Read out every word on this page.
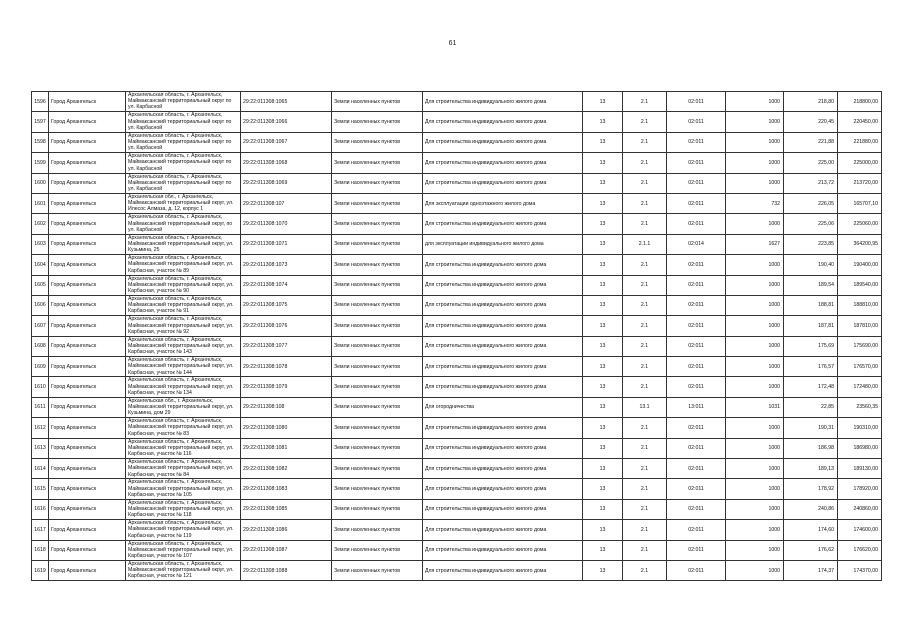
61
1596	Город Архангельск	Архангельская область, г. Архангельск, Маймаксанский территориальный округ по ул. Карбасной	29:22:011308:1065	Земли населенных пунктов	Для строительства индивидуального жилого дома	13	2.1	02:011	1000	218,80	218800,00
1597	Город Архангельск	Архангельская область, г. Архангельск, Маймаксанский территориальный округ по ул. Карбасной	29:22:011308:1066	Земли населенных пунктов	Для строительства индивидуального жилого дома	13	2.1	02:011	1000	220,45	220450,00
1598	Город Архангельск	Архангельская область, г. Архангельск, Маймаксанский территориальный округ по ул. Карбасной	29:22:011308:1067	Земли населенных пунктов	Для строительства индивидуального жилого дома	13	2.1	02:011	1000	221,88	221880,00
1599	Город Архангельск	Архангельская область, г. Архангельск, Маймаксанский территориальный округ по ул. Карбасной	29:22:011308:1068	Земли населенных пунктов	Для строительства индивидуального жилого дома	13	2.1	02:011	1000	225,00	225000,00
1600	Город Архангельск	Архангельская область, г. Архангельск, Маймаксанский территориальный округ по ул. Карбасной	29:22:011308:1069	Земли населенных пунктов	Для строительства индивидуального жилого дома	13	2.1	02:011	1000	213,72	213720,00
1601	Город Архангельск	Архангельская обл., г. Архангельск, Маймаксанский территориальный округ, ул. Илесос Алмаза, д. 12, корпус 1	29:22:011308:107	Земли населенных пунктов	Для эксплуатации одноэтажного жилого дома	13	2.1	02:011	732	226,05	165707,10
1602	Город Архангельск	Архангельская область, г. Архангельск, Маймаксанский территориальный округ, по ул. Карбасной	29:22:011308:1070	Земли населенных пунктов	Для строительства индивидуального жилого дома	13	2.1	02:011	1000	225,06	225060,00
1603	Город Архангельск	Архангельская область, г. Архангельск, Маймаксанский территориальный округ, ул. Кузьмина, 25	29:22:011308:1071	Земли населенных пунктов	для эксплуатации индивидуального жилого дома	13	2.1.1	02:014	1627	223,85	364200,95
1604	Город Архангельск	Архангельская область, г. Архангельск, Маймаксанский территориальный округ, ул. Карбасная, участок № 89	29:22:011308:1073	Земли населенных пунктов	Для строительства индивидуального жилого дома	13	2.1	02:011	1000	190,40	190400,00
1605	Город Архангельск	Архангельская область, г. Архангельск, Маймаксанский территориальный округ, ул. Карбасная, участок № 90	29:22:011308:1074	Земли населенных пунктов	Для строительства индивидуального жилого дома	13	2.1	02:011	1000	189,54	189540,00
1606	Город Архангельск	Архангельская область, г. Архангельск, Маймаксанский территориальный округ, ул. Карбасная, участок № 91	29:22:011308:1075	Земли населенных пунктов	Для строительства индивидуального жилого дома	13	2.1	02:011	1000	188,81	188810,00
1607	Город Архангельск	Архангельская область, г. Архангельск, Маймаксанский территориальный округ, ул. Карбасная, участок № 92	29:22:011308:1076	Земли населенных пунктов	Для строительства индивидуального жилого дома	13	2.1	02:011	1000	187,81	187810,00
1608	Город Архангельск	Архангельская область, г. Архангельск, Маймаксанский территориальный округ, ул. Карбасная, участок № 143	29:22:011308:1077	Земли населенных пунктов	Для строительства индивидуального жилого дома	13	2.1	02:011	1000	175,69	175690,00
1609	Город Архангельск	Архангельская область, г. Архангельск, Маймаксанский территориальный округ, ул. Карбасная, участок № 144	29:22:011308:1078	Земли населенных пунктов	Для строительства индивидуального жилого дома	13	2.1	02:011	1000	176,57	176570,00
1610	Город Архангельск	Архангельская область, г. Архангельск, Маймаксанский территориальный округ, ул. Карбасная, участок № 134	29:22:011308:1079	Земли населенных пунктов	Для строительства индивидуального жилого дома	13	2.1	02:011	1000	172,48	172480,00
1611	Город Архангельск	Архангельская обл., г. Архангельск, Маймаксанский территориальный округ, ул. Кузьмина, дом 29	29:22:011308:108	Земли населенных пунктов	Для огородничества	13	13.1	13:011	1031	22,85	23560,35
1612	Город Архангельск	Архангельская область, г. Архангельск, Маймаксанский территориальный округ, ул. Карбасная, участок № 83	29:22:011308:1080	Земли населенных пунктов	Для строительства индивидуального жилого дома	13	2.1	02:011	1000	190,31	190310,00
1613	Город Архангельск	Архангельская область, г. Архангельск, Маймаксанский территориальный округ, ул. Карбасная, участок № 116	29:22:011308:1081	Земли населенных пунктов	Для строительства индивидуального жилого дома	13	2.1	02:011	1000	186,98	186980,00
1614	Город Архангельск	Архангельская область, г. Архангельск, Маймаксанский территориальный округ, ул. Карбасная, участок № 84	29:22:011308:1082	Земли населенных пунктов	Для строительства индивидуального жилого дома	13	2.1	02:011	1000	189,13	189130,00
1615	Город Архангельск	Архангельская область, г. Архангельск, Маймаксанский территориальный округ, ул. Карбасная, участок № 105	29:22:011308:1083	Земли населенных пунктов	Для строительства индивидуального жилого дома	13	2.1	02:011	1000	178,92	178920,00
1616	Город Архангельск	Архангельская область, г. Архангельск, Маймаксанский территориальный округ, ул. Карбасная, участок № 118	29:22:011308:1085	Земли населенных пунктов	Для строительства индивидуального жилого дома	13	2.1	02:011	1000	240,86	240860,00
1617	Город Архангельск	Архангельская область, г. Архангельск, Маймаксанский территориальный округ, ул. Карбасная, участок № 119	29:22:011308:1086	Земли населенных пунктов	Для строительства индивидуального жилого дома	13	2.1	02:011	1000	174,60	174600,00
1618	Город Архангельск	Архангельская область, г. Архангельск, Маймаксанский территориальный округ, ул. Карбасная, участок № 107	29:22:011308:1087	Земли населенных пунктов	Для строительства индивидуального жилого дома	13	2.1	02:011	1000	176,62	176620,00
1619	Город Архангельск	Архангельская область, г. Архангельск, Маймаксанский территориальный округ, ул. Карбасная, участок № 121	29:22:011308:1088	Земли населенных пунктов	Для строительства индивидуального жилого дома	13	2.1	02:011	1000	174,37	174370,00
